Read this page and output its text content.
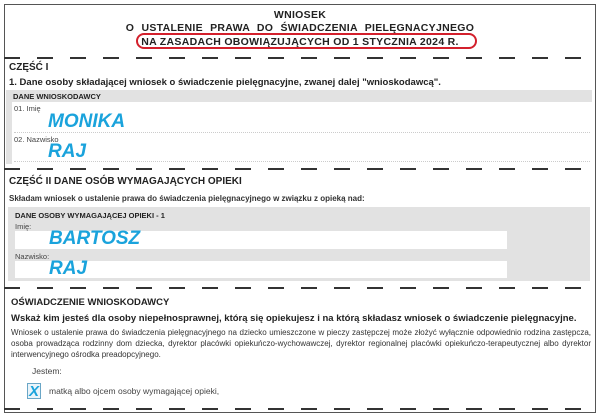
WNIOSEK
O USTALENIE PRAWA DO ŚWIADCZENIA PIELĘGNACYJNEGO
NA ZASADACH OBOWIĄZUJĄCYCH OD 1 STYCZNIA 2024 R.
CZĘŚĆ I
1. Dane osoby składającej wniosek o świadczenie pielęgnacyjne, zwanej dalej "wnioskodawcą".
DANE WNIOSKODAWCY
01. Imię
MONIKA
02. Nazwisko
RAJ
CZĘŚĆ II DANE OSÓB WYMAGAJĄCYCH OPIEKI
Składam wniosek o ustalenie prawa do świadczenia pielęgnacyjnego w związku z opieką nad:
DANE OSOBY WYMAGAJĄCEJ OPIEKI - 1
Imię:
BARTOSZ
Nazwisko:
RAJ
OŚWIADCZENIE WNIOSKODAWCY
Wskaż kim jesteś dla osoby niepełnosprawnej, którą się opiekujesz i na którą składasz wniosek o świadczenie pielęgnacyjne.
Wniosek o ustalenie prawa do świadczenia pielęgnacyjnego na dziecko umieszczone w pieczy zastępczej może złożyć wyłącznie odpowiednio rodzina zastępcza, osoba prowadząca rodzinny dom dziecka, dyrektor placówki opiekuńczo-wychowawczej, dyrektor regionalnej placówki opiekuńczo-terapeutycznej albo dyrektor interwencyjnego ośrodka preadopcyjnego.
Jestem:
X matką albo ojcem osoby wymagającej opieki,
